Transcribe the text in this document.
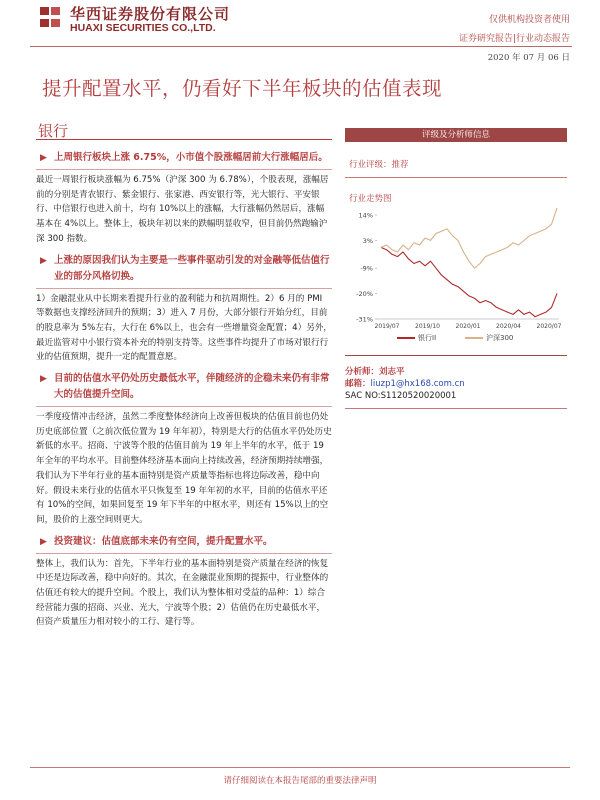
华西证券股份有限公司
HUAXI SECURITIES CO.,LTD.
仅供机构投资者使用
证券研究报告|行业动态报告
2020 年 07 月 06 日
提升配置水平，仍看好下半年板块的估值表现
银行
▶ 上周银行板块上涨 6.75%，小市值个股涨幅居前大行涨幅居后。
最近一周银行板块涨幅为 6.75%（沪深 300 为 6.78%），个股表现，涨幅居前的分别是青农银行、紫金银行、张家港、西安银行等，光大银行、平安银行、中信银行也进入前十，均有 10%以上的涨幅，大行涨幅仍然居后，涨幅基本在 4%以上。整体上，板块年初以来的跌幅明显收窄，但目前仍然跑输沪深 300 指数。
▶ 上涨的原因我们认为主要是一些事件驱动引发的对金融等低估值行业的部分风格切换。
1）金融混业从中长期来看提升行业的盈利能力和抗周期性。2）6 月的 PMI 等数据也支撑经济回升的预期；3）进入 7 月份，大部分银行开始分红，目前的股息率为 5%左右，大行在 6%以上，也会有一些增量资金配置；4）另外，最近监管对中小银行资本补充的特别支持等。这些事件均提升了市场对银行行业的估值预期，提升一定的配置意愿。
▶ 目前的估值水平仍处历史最低水平，伴随经济的企稳未来仍有非常大的估值提升空间。
一季度疫情冲击经济，虽然二季度整体经济向上改善但板块的估值目前也仍处历史底部位置（之前次低位置为 19 年年初），特别是大行的估值水平仍处历史新低的水平。招商、宁波等个股的估值目前为 19 年上半年的水平，低于 19 年全年的平均水平。目前整体经济基本面向上持续改善，经济预期持续增强，我们认为下半年行业的基本面特别是资产质量等指标也将边际改善，稳中向好。假设未来行业的估值水平只恢复至 19 年年初的水平，目前的估值水平还有 10%的空间，如果回复至 19 年下半年的中枢水平，则还有 15%以上的空间，股价的上涨空间则更大。
▶ 投资建议：估值底部未来仍有空间，提升配置水平。
整体上，我们认为：首先，下半年行业的基本面特别是资产质量在经济的恢复中还是边际改善，稳中向好的。其次，在金融混业预期的提振中，行业整体的估值还有较大的提升空间。个股上，我们认为整体相对受益的品种：1）综合经营能力强的招商、兴业、光大，宁波等个股；2）估值仍在历史最低水平，但资产质量压力相对较小的工行、建行等。
评级及分析师信息
行业评级：推荐
行业走势图
14%
3%
-9%
-20%
-31%
2019/07	2019/10	2020/01	2020/04	2020/07
银行II	沪深300
分析师：刘志平
邮箱：liuzp1@hx168.com.cn
SAC NO:S1120520020001
请仔细阅读在本报告尾部的重要法律声明
